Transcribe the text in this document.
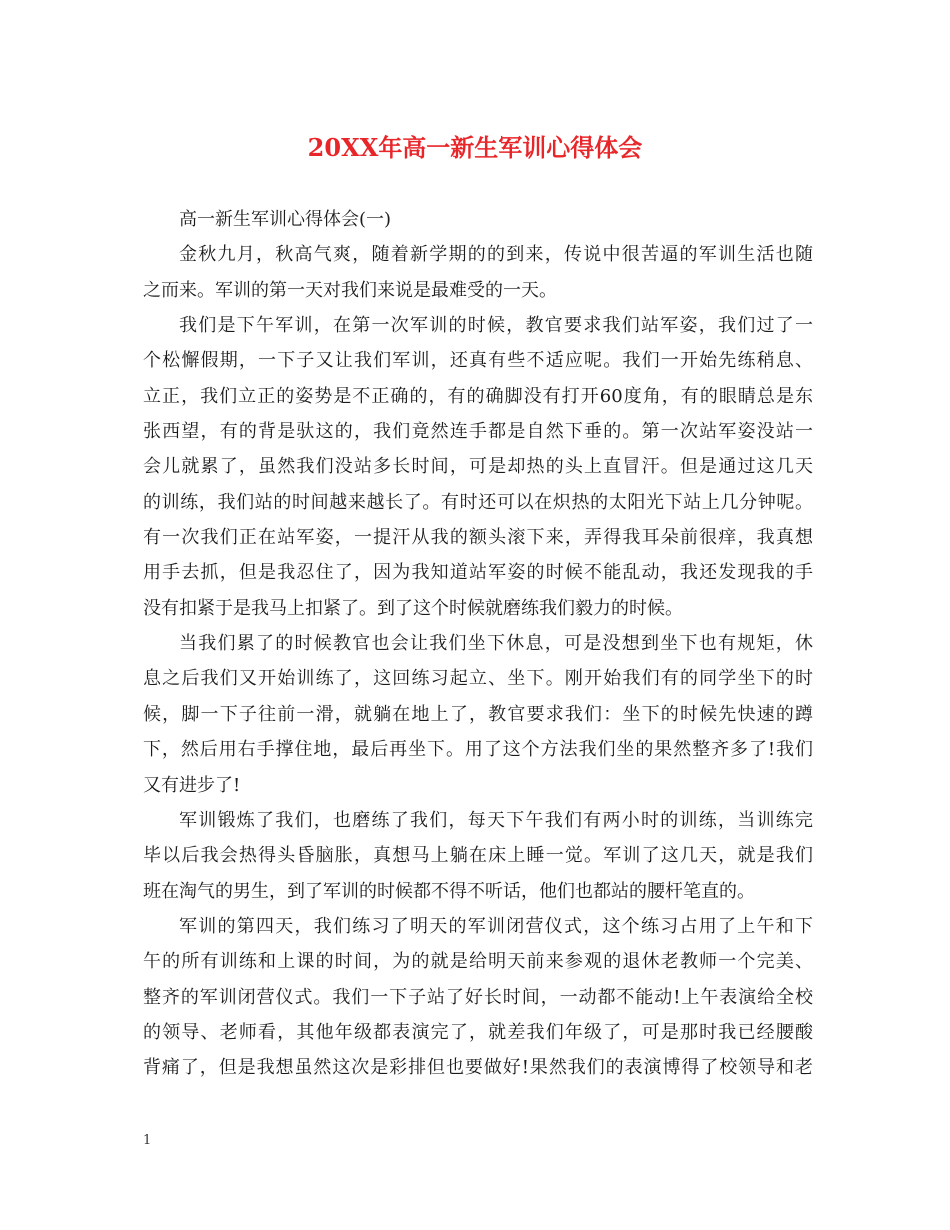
20XX年高一新生军训心得体会
高一新生军训心得体会(一)
金秋九月，秋高气爽，随着新学期的的到来，传说中很苦逼的军训生活也随
之而来。军训的第一天对我们来说是最难受的一天。
我们是下午军训，在第一次军训的时候，教官要求我们站军姿，我们过了一
个松懈假期，一下子又让我们军训，还真有些不适应呢。我们一开始先练稍息、
立正，我们立正的姿势是不正确的，有的确脚没有打开60度角，有的眼睛总是东
张西望，有的背是驮这的，我们竟然连手都是自然下垂的。第一次站军姿没站一
会儿就累了，虽然我们没站多长时间，可是却热的头上直冒汗。但是通过这几天
的训练，我们站的时间越来越长了。有时还可以在炽热的太阳光下站上几分钟呢。
有一次我们正在站军姿，一提汗从我的额头滚下来，弄得我耳朵前很痒，我真想
用手去抓，但是我忍住了，因为我知道站军姿的时候不能乱动，我还发现我的手
没有扣紧于是我马上扣紧了。到了这个时候就磨练我们毅力的时候。
当我们累了的时候教官也会让我们坐下休息，可是没想到坐下也有规矩，休
息之后我们又开始训练了，这回练习起立、坐下。刚开始我们有的同学坐下的时
候，脚一下子往前一滑，就躺在地上了，教官要求我们：坐下的时候先快速的蹲
下，然后用右手撑住地，最后再坐下。用了这个方法我们坐的果然整齐多了!我们
又有进步了!
军训锻炼了我们，也磨练了我们，每天下午我们有两小时的训练，当训练完
毕以后我会热得头昏脑胀，真想马上躺在床上睡一觉。军训了这几天，就是我们
班在淘气的男生，到了军训的时候都不得不听话，他们也都站的腰杆笔直的。
军训的第四天，我们练习了明天的军训闭营仪式，这个练习占用了上午和下
午的所有训练和上课的时间，为的就是给明天前来参观的退休老教师一个完美、
整齐的军训闭营仪式。我们一下子站了好长时间，一动都不能动!上午表演给全校
的领导、老师看，其他年级都表演完了，就差我们年级了，可是那时我已经腰酸
背痛了，但是我想虽然这次是彩排但也要做好!果然我们的表演博得了校领导和老
1
